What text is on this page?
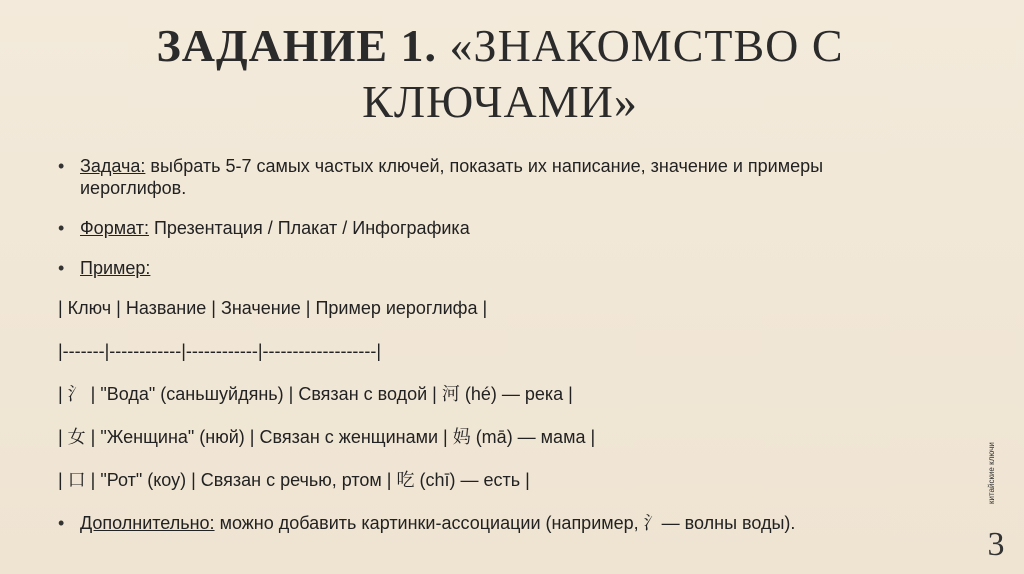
ЗАДАНИЕ 1. «ЗНАКОМСТВО С КЛЮЧАМИ»
• Задача: выбрать 5-7 самых частых ключей, показать их написание, значение и примеры иероглифов.
• Формат: Презентация / Плакат / Инфографика
• Пример:
| Ключ | Название | Значение | Пример иероглифа |
|-------|------------|------------|-------------------|
| 氵 | "Вода" (саньшуйдянь) | Связан с водой | 河 (hé) — река |
| 女 | "Женщина" (нюй) | Связан с женщинами | 妈 (mā) — мама |
| 口 | "Рот" (коу) | Связан с речью, ртом | 吃 (chī) — есть |
• Дополнительно: можно добавить картинки-ассоциации (например, 氵— волны воды).
китайские ключи
3
